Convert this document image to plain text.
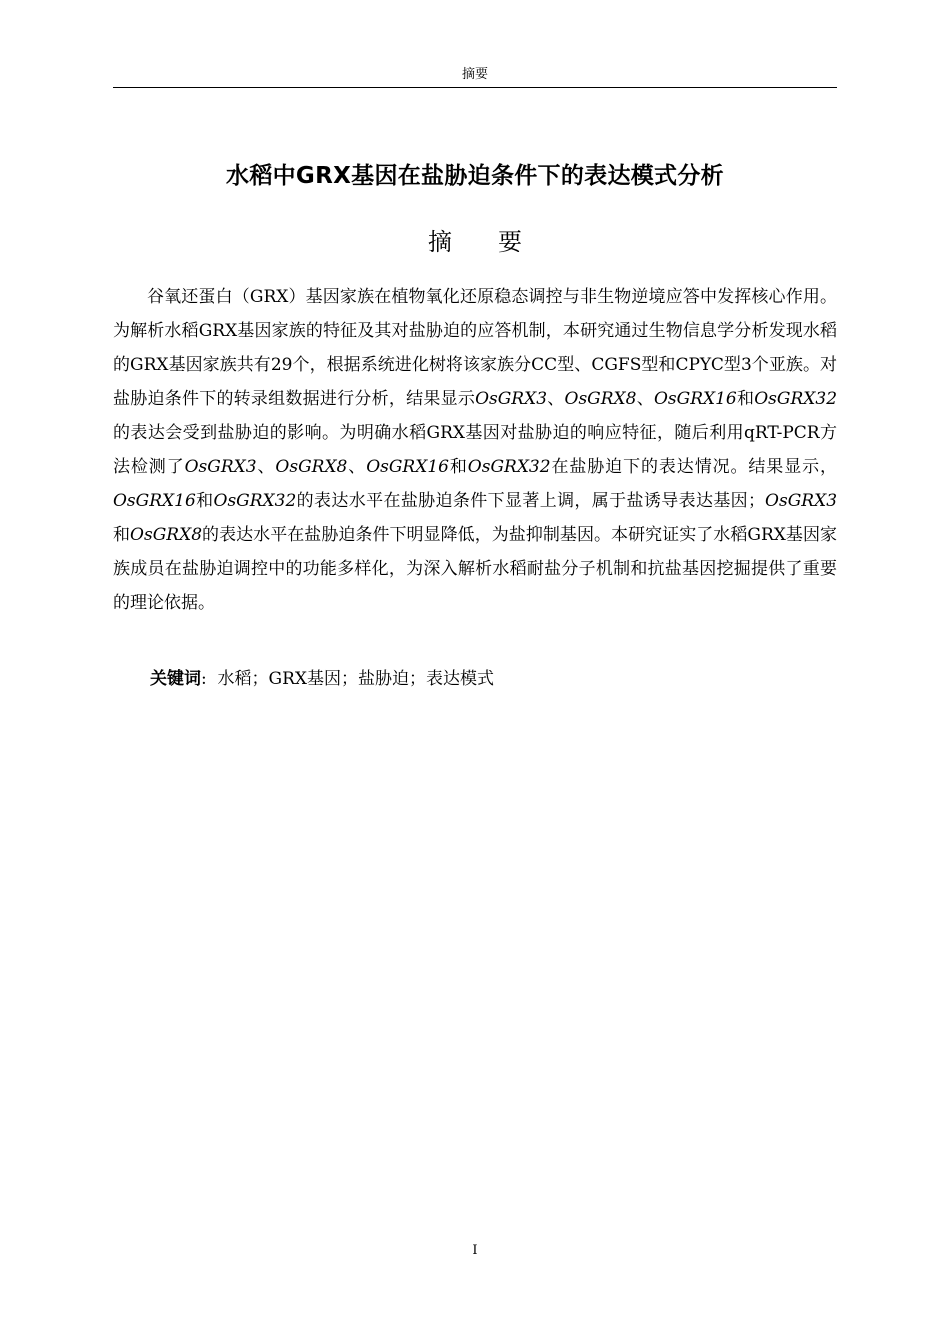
摘要
水稻中GRX基因在盐胁迫条件下的表达模式分析
摘 要

谷氧还蛋白（GRX）基因家族在植物氧化还原稳态调控与非生物逆境应答中发挥核心作用。为解析水稻GRX基因家族的特征及其对盐胁迫的应答机制，本研究通过生物信息学分析发现水稻的GRX基因家族共有29个，根据系统进化树将该家族分CC型、CGFS型和CPYC型3个亚族。对盐胁迫条件下的转录组数据进行分析，结果显示OsGRX3、OsGRX8、OsGRX16和OsGRX32的表达会受到盐胁迫的影响。为明确水稻GRX基因对盐胁迫的响应特征，随后利用qRT-PCR方法检测了OsGRX3、OsGRX8、OsGRX16和OsGRX32在盐胁迫下的表达情况。结果显示，OsGRX16和OsGRX32的表达水平在盐胁迫条件下显著上调，属于盐诱导表达基因；OsGRX3和OsGRX8的表达水平在盐胁迫条件下明显降低，为盐抑制基因。本研究证实了水稻GRX基因家族成员在盐胁迫调控中的功能多样化，为深入解析水稻耐盐分子机制和抗盐基因挖掘提供了重要的理论依据。

关键词: 水稻；GRX基因；盐胁迫；表达模式
I
